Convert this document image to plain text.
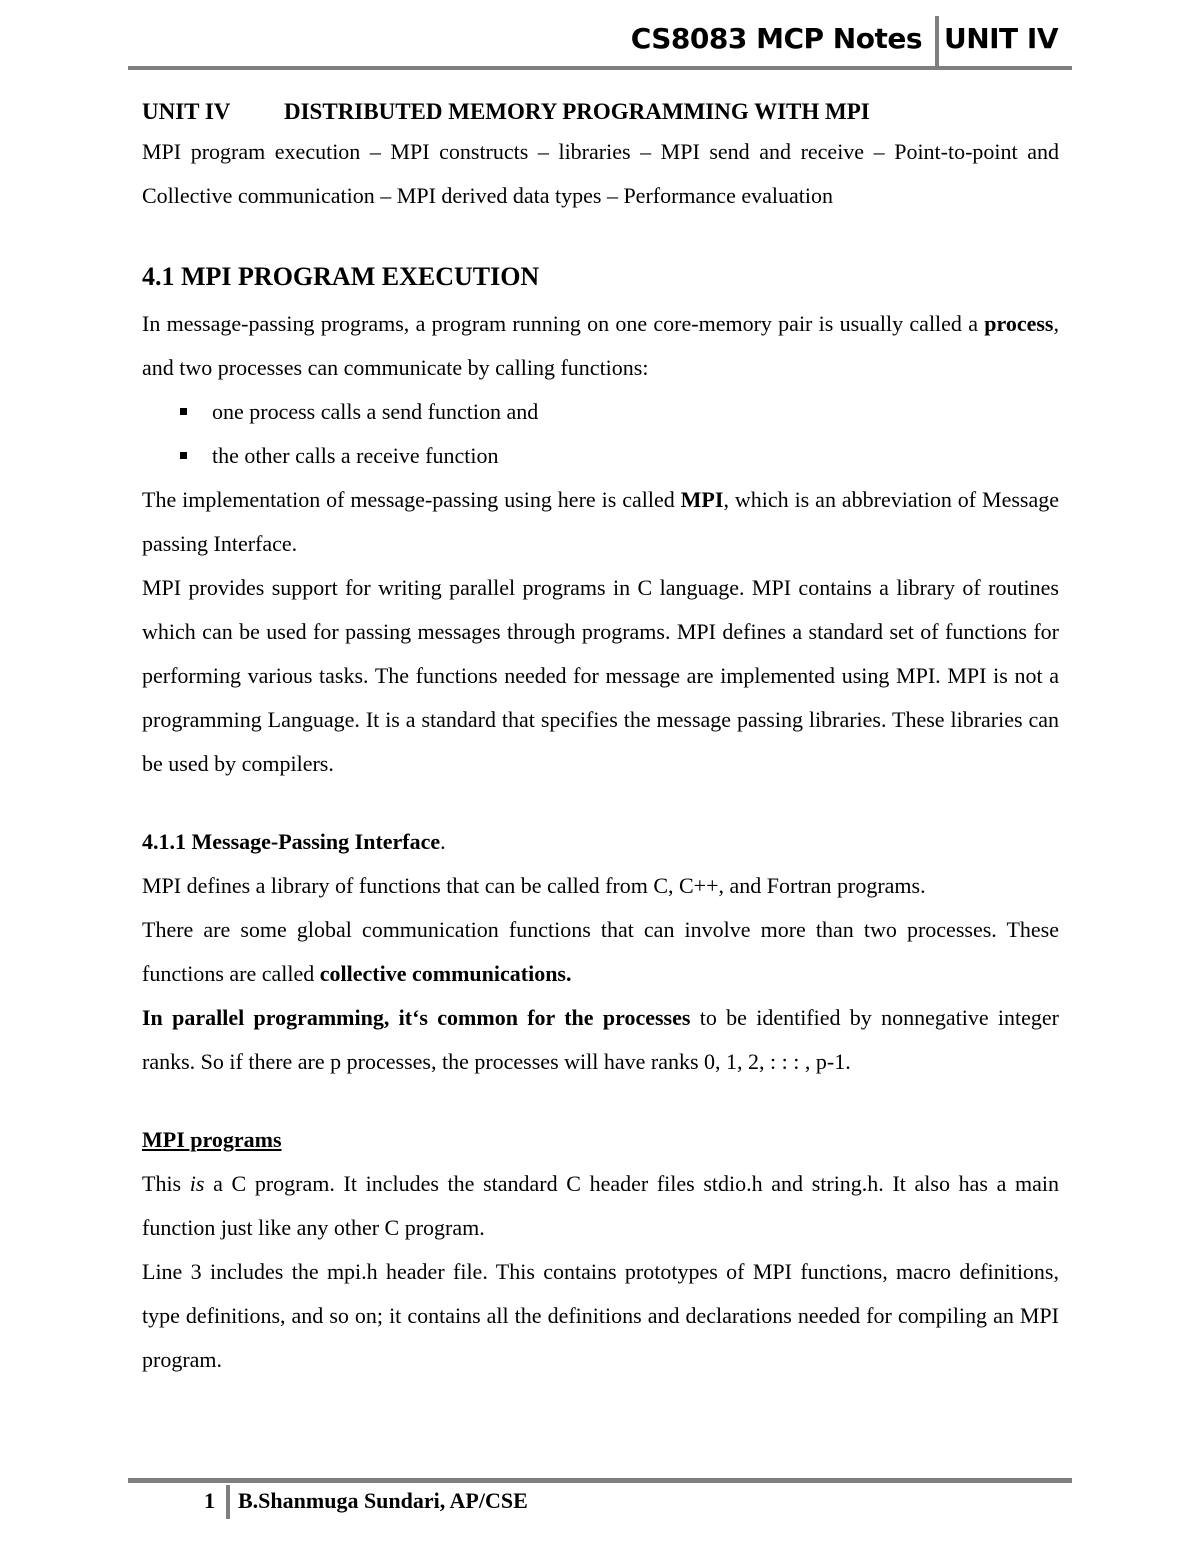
CS8083 MCP Notes UNIT IV
UNIT IV DISTRIBUTED MEMORY PROGRAMMING WITH MPI

MPI program execution – MPI constructs – libraries – MPI send and receive – Point-to-point and Collective communication – MPI derived data types – Performance evaluation

4.1 MPI PROGRAM EXECUTION

In message-passing programs, a program running on one core-memory pair is usually called a process, and two processes can communicate by calling functions:

one process calls a send function and
the other calls a receive function

The implementation of message-passing using here is called MPI, which is an abbreviation of Message passing Interface.

MPI provides support for writing parallel programs in C language. MPI contains a library of routines which can be used for passing messages through programs. MPI defines a standard set of functions for performing various tasks. The functions needed for message are implemented using MPI. MPI is not a programming Language. It is a standard that specifies the message passing libraries. These libraries can be used by compilers.

4.1.1 Message-Passing Interface.

MPI defines a library of functions that can be called from C, C++, and Fortran programs.

There are some global communication functions that can involve more than two processes. These functions are called collective communications.

In parallel programming, it‘s common for the processes to be identified by nonnegative integer ranks. So if there are p processes, the processes will have ranks 0, 1, 2, : : : , p-1.

MPI programs

This is a C program. It includes the standard C header files stdio.h and string.h. It also has a main function just like any other C program.

Line 3 includes the mpi.h header file. This contains prototypes of MPI functions, macro definitions, type definitions, and so on; it contains all the definitions and declarations needed for compiling an MPI program.

1 B.Shanmuga Sundari, AP/CSE
